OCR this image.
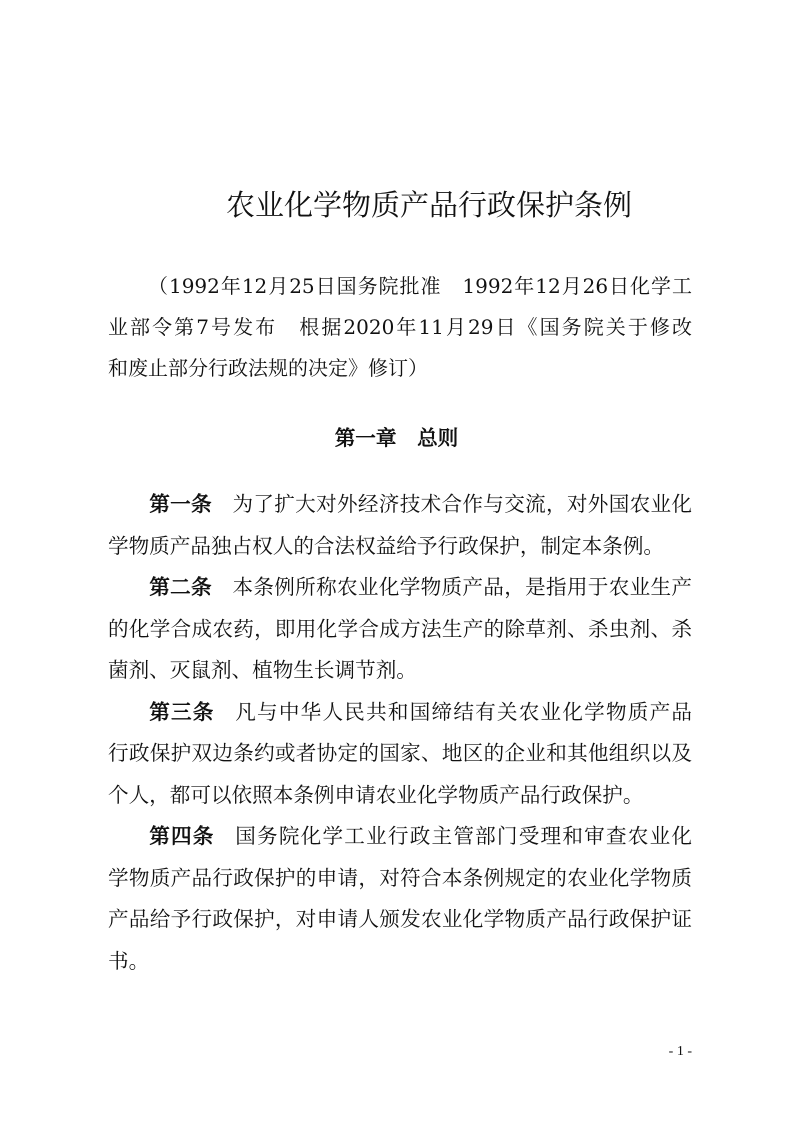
农业化学物质产品行政保护条例
（1992年12月25日国务院批准　1992年12月26日化学工
业部令第7号发布　根据2020年11月29日《国务院关于修改
和废止部分行政法规的决定》修订）
第一章　总则
第一条 为了扩大对外经济技术合作与交流，对外国农业化
学物质产品独占权人的合法权益给予行政保护，制定本条例。
第二条 本条例所称农业化学物质产品，是指用于农业生产
的化学合成农药，即用化学合成方法生产的除草剂、杀虫剂、杀
菌剂、灭鼠剂、植物生长调节剂。
第三条 凡与中华人民共和国缔结有关农业化学物质产品
行政保护双边条约或者协定的国家、地区的企业和其他组织以及
个人，都可以依照本条例申请农业化学物质产品行政保护。
第四条 国务院化学工业行政主管部门受理和审查农业化
学物质产品行政保护的申请，对符合本条例规定的农业化学物质
产品给予行政保护，对申请人颁发农业化学物质产品行政保护证
书。
- 1 -
